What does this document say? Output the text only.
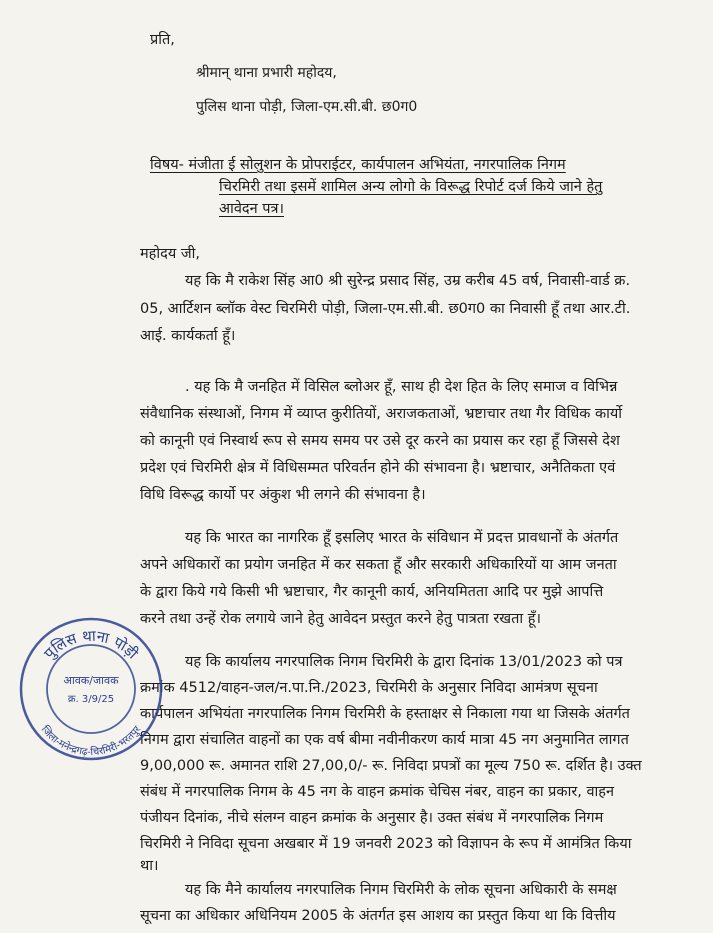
प्रति,
श्रीमान् थाना प्रभारी महोदय,
पुलिस थाना पोड़ी, जिला-एम.सी.बी. छ0ग0
विषय- मंजीता ई सोलुशन के प्रोपराईटर, कार्यपालन अभियंता, नगरपालिक निगम
चिरमिरी तथा इसमें शामिल अन्य लोगो के विरूद्ध रिपोर्ट दर्ज किये जाने हेतु
आवेदन पत्र।
महोदय जी,
यह कि मै राकेश सिंह आ0 श्री सुरेन्द्र प्रसाद सिंह, उम्र करीब 45 वर्ष, निवासी-वार्ड क्र.
05, आर्टिशन ब्लॉक वेस्ट चिरमिरी पोड़ी, जिला-एम.सी.बी. छ0ग0 का निवासी हूँ तथा आर.टी.
आई. कार्यकर्ता हूँ।
. यह कि मै जनहित में विसिल ब्लोअर हूँ, साथ ही देश हित के लिए समाज व विभिन्न
संवैधानिक संस्थाओं, निगम में व्याप्त कुरीतियों, अराजकताओं, भ्रष्टाचार तथा गैर विधिक कार्यो
को कानूनी एवं निस्वार्थ रूप से समय समय पर उसे दूर करने का प्रयास कर रहा हूँ जिससे देश
प्रदेश एवं चिरमिरी क्षेत्र में विधिसम्मत परिवर्तन होने की संभावना है। भ्रष्टाचार, अनैतिकता एवं
विधि विरूद्ध कार्यो पर अंकुश भी लगने की संभावना है।
यह कि भारत का नागरिक हूँ इसलिए भारत के संविधान में प्रदत्त प्रावधानों के अंतर्गत
अपने अधिकारों का प्रयोग जनहित में कर सकता हूँ और सरकारी अधिकारियों या आम जनता
के द्वारा किये गये किसी भी भ्रष्टाचार, गैर कानूनी कार्य, अनियमितता आदि पर मुझे आपत्ति
करने तथा उन्हें रोक लगाये जाने हेतु आवेदन प्रस्तुत करने हेतु पात्रता रखता हूँ।
यह कि कार्यालय नगरपालिक निगम चिरमिरी के द्वारा दिनांक 13/01/2023 को पत्र
क्रमांक 4512/वाहन-जल/न.पा.नि./2023, चिरमिरी के अनुसार निविदा आमंत्रण सूचना
कार्यपालन अभियंता नगरपालिक निगम चिरमिरी के हस्ताक्षर से निकाला गया था जिसके अंतर्गत
निगम द्वारा संचालित वाहनों का एक वर्ष बीमा नवीनीकरण कार्य मात्रा 45 नग अनुमानित लागत
9,00,000 रू. अमानत राशि 27,00,0/- रू. निविदा प्रपत्रों का मूल्य 750 रू. दर्शित है। उक्त
संबंध में नगरपालिक निगम के 45 नग के वाहन क्रमांक चेचिस नंबर, वाहन का प्रकार, वाहन
पंजीयन दिनांक, नीचे संलग्न वाहन क्रमांक के अनुसार है। उक्त संबंध में नगरपालिक निगम
चिरमिरी ने निविदा सूचना अखबार में 19 जनवरी 2023 को विज्ञापन के रूप में आमंत्रित किया
था।
यह कि मैने कार्यालय नगरपालिक निगम चिरमिरी के लोक सूचना अधिकारी के समक्ष
सूचना का अधिकार अधिनियम 2005 के अंतर्गत इस आशय का प्रस्तुत किया था कि वित्तीय
पुलिस थाना पोड़ी
जिला-मनेन्द्रगढ़-चिरमिरी-भरतपुर
आवक/जावक
क्र. 3/9/25
